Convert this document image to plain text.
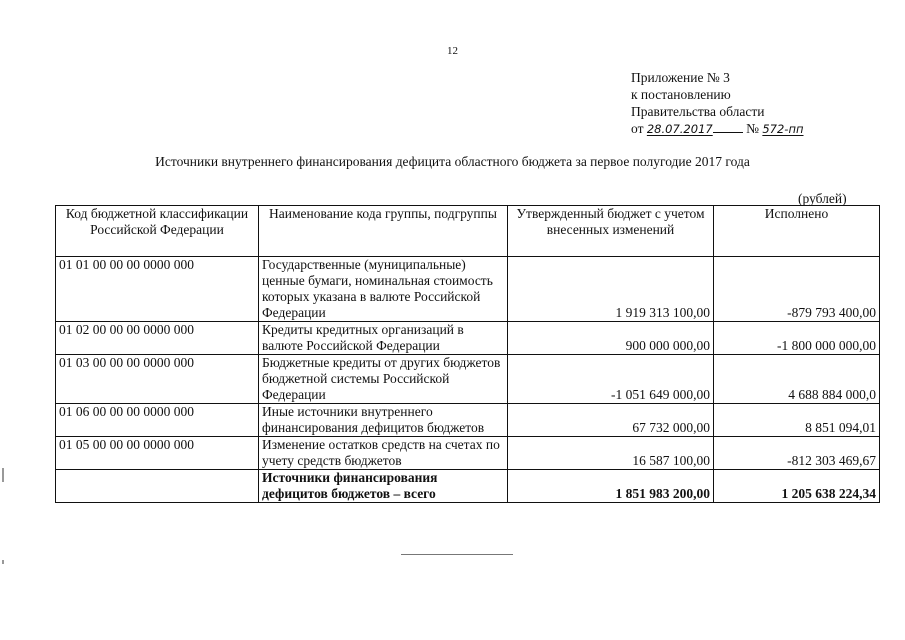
12
Приложение № 3
к постановлению
Правительства области
от 28.07.2017 № 572-пп
Источники внутреннего финансирования дефицита областного бюджета за первое полугодие 2017 года
(рублей)
Код бюджетной классификации Российской Федерации	Наименование кода группы, подгруппы	Утвержденный бюджет с учетом внесенных изменений	Исполнено
01 01 00 00 00 0000 000	Государственные (муниципальные) ценные бумаги, номинальная стоимость которых указана в валюте Российской Федерации	1 919 313 100,00	-879 793 400,00
01 02 00 00 00 0000 000	Кредиты кредитных организаций в валюте Российской Федерации	900 000 000,00	-1 800 000 000,00
01 03 00 00 00 0000 000	Бюджетные кредиты от других бюджетов бюджетной системы Российской Федерации	-1 051 649 000,00	4 688 884 000,0
01 06 00 00 00 0000 000	Иные источники внутреннего финансирования дефицитов бюджетов	67 732 000,00	8 851 094,01
01 05 00 00 00 0000 000	Изменение остатков средств на счетах по учету средств бюджетов	16 587 100,00	-812 303 469,67
	Источники финансирования дефицитов бюджетов – всего	1 851 983 200,00	1 205 638 224,34
